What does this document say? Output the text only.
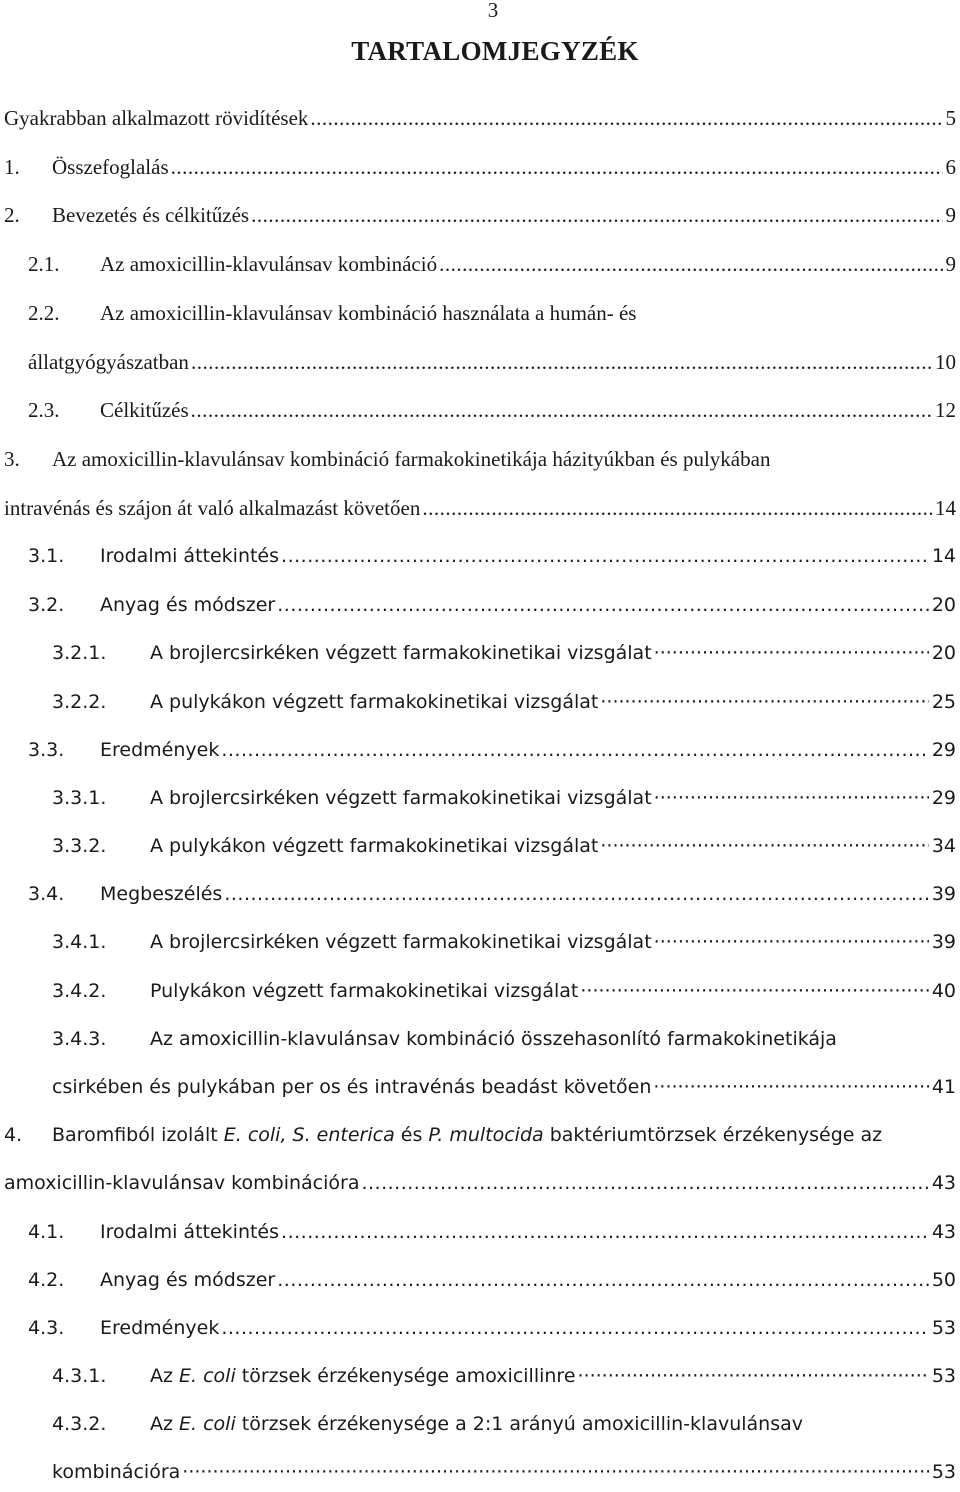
3
TARTALOMJEGYZÉK
Gyakrabban alkalmazott rövidítések .....	5
1. Összefoglalás .....	6
2. Bevezetés és célkitűzés .....	9
2.1. Az amoxicillin-klavulánsav kombináció .....	9
2.2. Az amoxicillin-klavulánsav kombináció használata a humán- és
állatgyógyászatban .....	10
2.3. Célkitűzés .....	12
3. Az amoxicillin-klavulánsav kombináció farmakokinetikája házityúkban és pulykában
intravénás és szájon át való alkalmazást követően .....	14
3.1. Irodalmi áttekintés .....	14
3.2. Anyag és módszer .....	20
3.2.1. A brojlercsirkéken végzett farmakokinetikai vizsgálat ·····	20
3.2.2. A pulykákon végzett farmakokinetikai vizsgálat ·····	25
3.3. Eredmények .....	29
3.3.1. A brojlercsirkéken végzett farmakokinetikai vizsgálat ·····	29
3.3.2. A pulykákon végzett farmakokinetikai vizsgálat ·····	34
3.4. Megbeszélés .....	39
3.4.1. A brojlercsirkéken végzett farmakokinetikai vizsgálat ·····	39
3.4.2. Pulykákon végzett farmakokinetikai vizsgálat ·····	40
3.4.3. Az amoxicillin-klavulánsav kombináció összehasonlító farmakokinetikája
csirkében és pulykában per os és intravénás beadást követően ·····	41
4. Baromfiból izolált E. coli, S. enterica és P. multocida baktériumtörzsek érzékenysége az
amoxicillin-klavulánsav kombinációra .....	43
4.1. Irodalmi áttekintés .....	43
4.2. Anyag és módszer .....	50
4.3. Eredmények .....	53
4.3.1. Az E. coli törzsek érzékenysége amoxicillinre ·····	53
4.3.2. Az E. coli törzsek érzékenysége a 2:1 arányú amoxicillin-klavulánsav
kombinációra ·····	53
